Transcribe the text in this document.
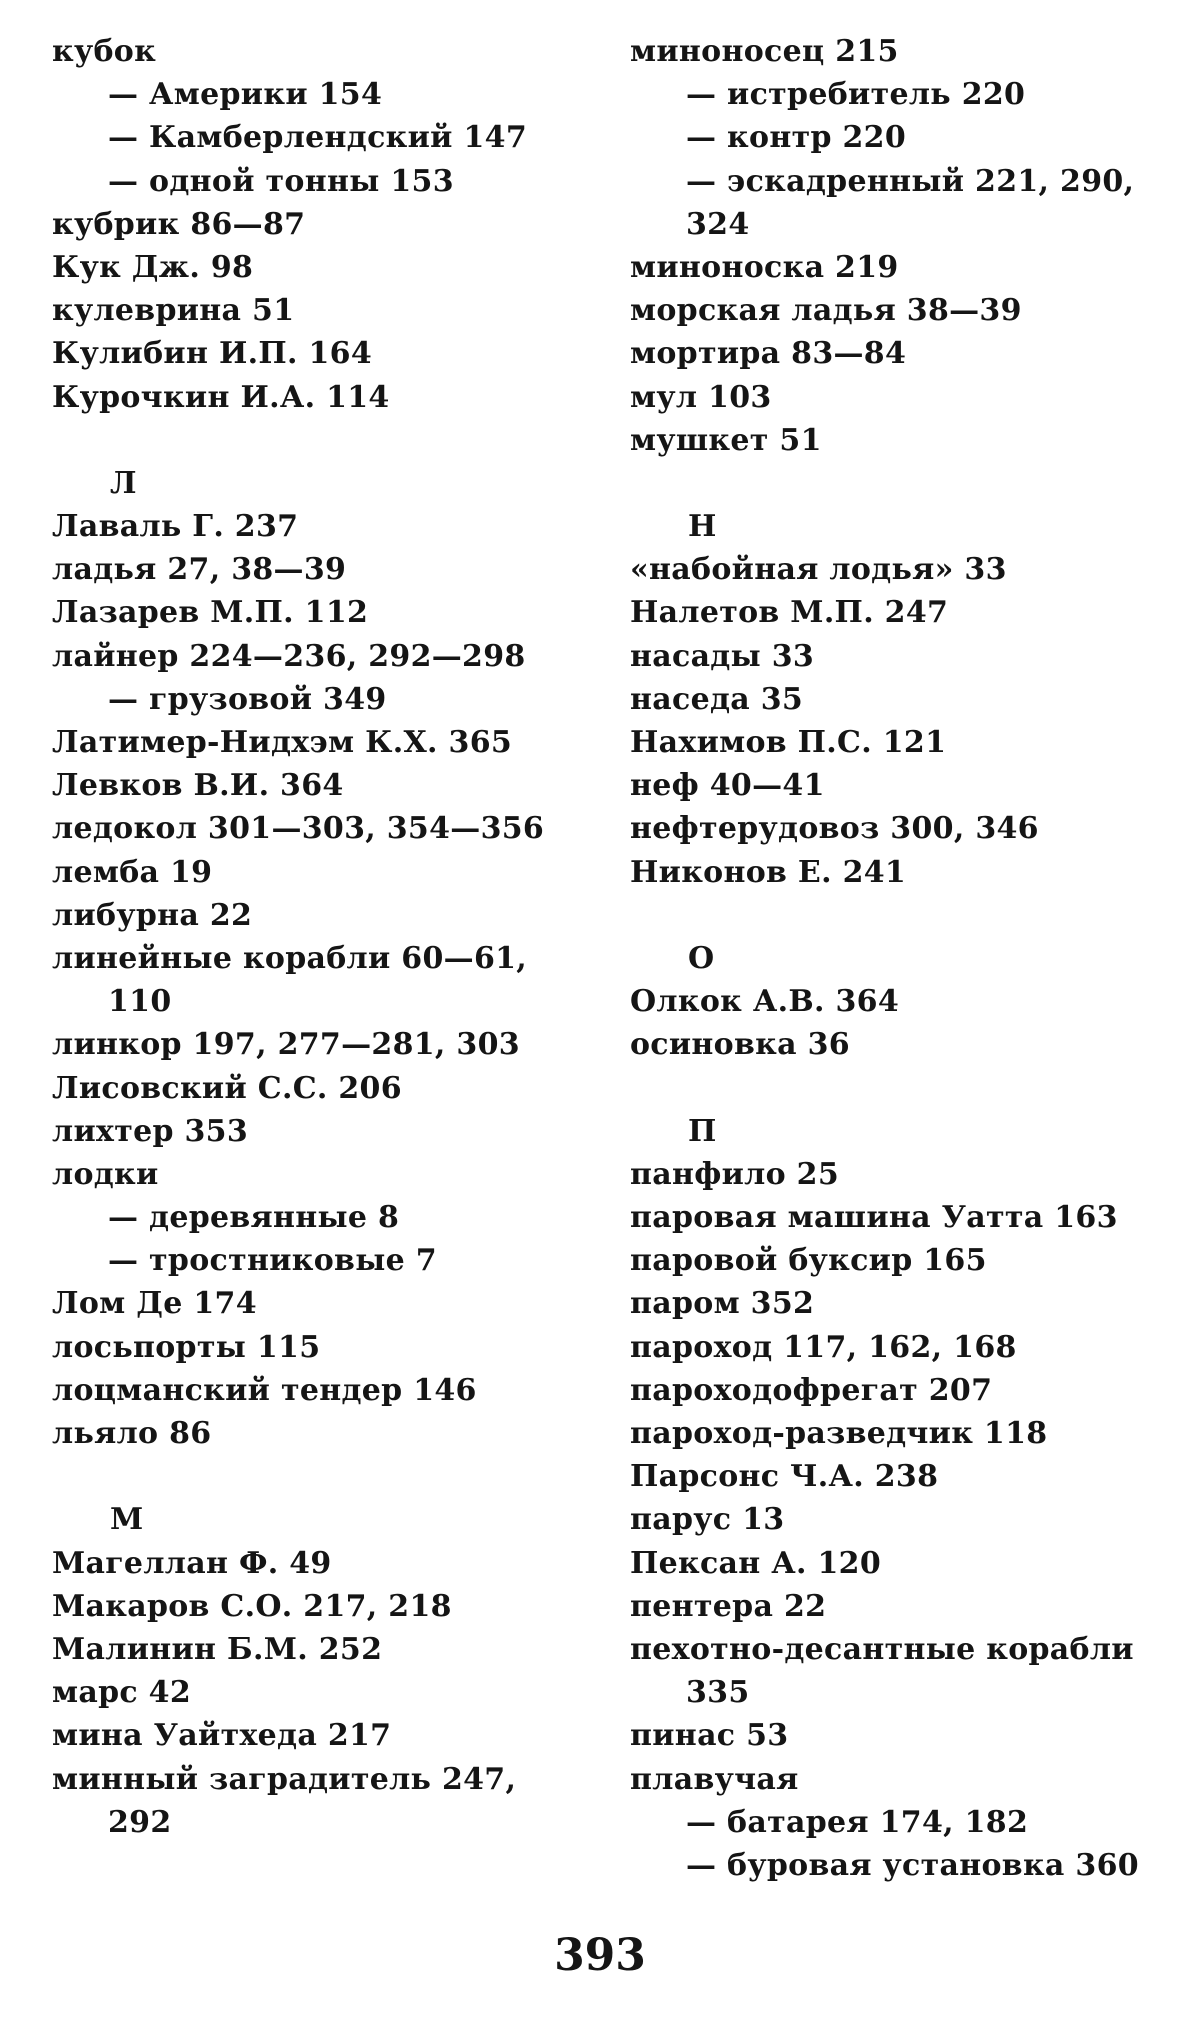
кубок
— Америки 154
— Камберлендский 147
— одной тонны 153
кубрик 86—87
Кук Дж. 98
кулеврина 51
Кулибин И.П. 164
Курочкин И.А. 114
Л
Лаваль Г. 237
ладья 27, 38—39
Лазарев М.П. 112
лайнер 224—236, 292—298
— грузовой 349
Латимер-Нидхэм К.Х. 365
Левков В.И. 364
ледокол 301—303, 354—356
лемба 19
либурна 22
линейные корабли 60—61,
110
линкор 197, 277—281, 303
Лисовский С.С. 206
лихтер 353
лодки
— деревянные 8
— тростниковые 7
Лом Де 174
лосьпорты 115
лоцманский тендер 146
льяло 86
М
Магеллан Ф. 49
Макаров С.О. 217, 218
Малинин Б.М. 252
марс 42
мина Уайтхеда 217
минный заградитель 247,
292
миноносец 215
— истребитель 220
— контр 220
— эскадренный 221, 290,
324
миноноска 219
морская ладья 38—39
мортира 83—84
мул 103
мушкет 51
Н
«набойная лодья» 33
Налетов М.П. 247
насады 33
наседа 35
Нахимов П.С. 121
неф 40—41
нефтерудовоз 300, 346
Никонов Е. 241
О
Олкок А.В. 364
осиновка 36
П
панфило 25
паровая машина Уатта 163
паровой буксир 165
паром 352
пароход 117, 162, 168
пароходофрегат 207
пароход-разведчик 118
Парсонс Ч.А. 238
парус 13
Пексан А. 120
пентера 22
пехотно-десантные корабли
335
пинас 53
плавучая
— батарея 174, 182
— буровая установка 360
393
